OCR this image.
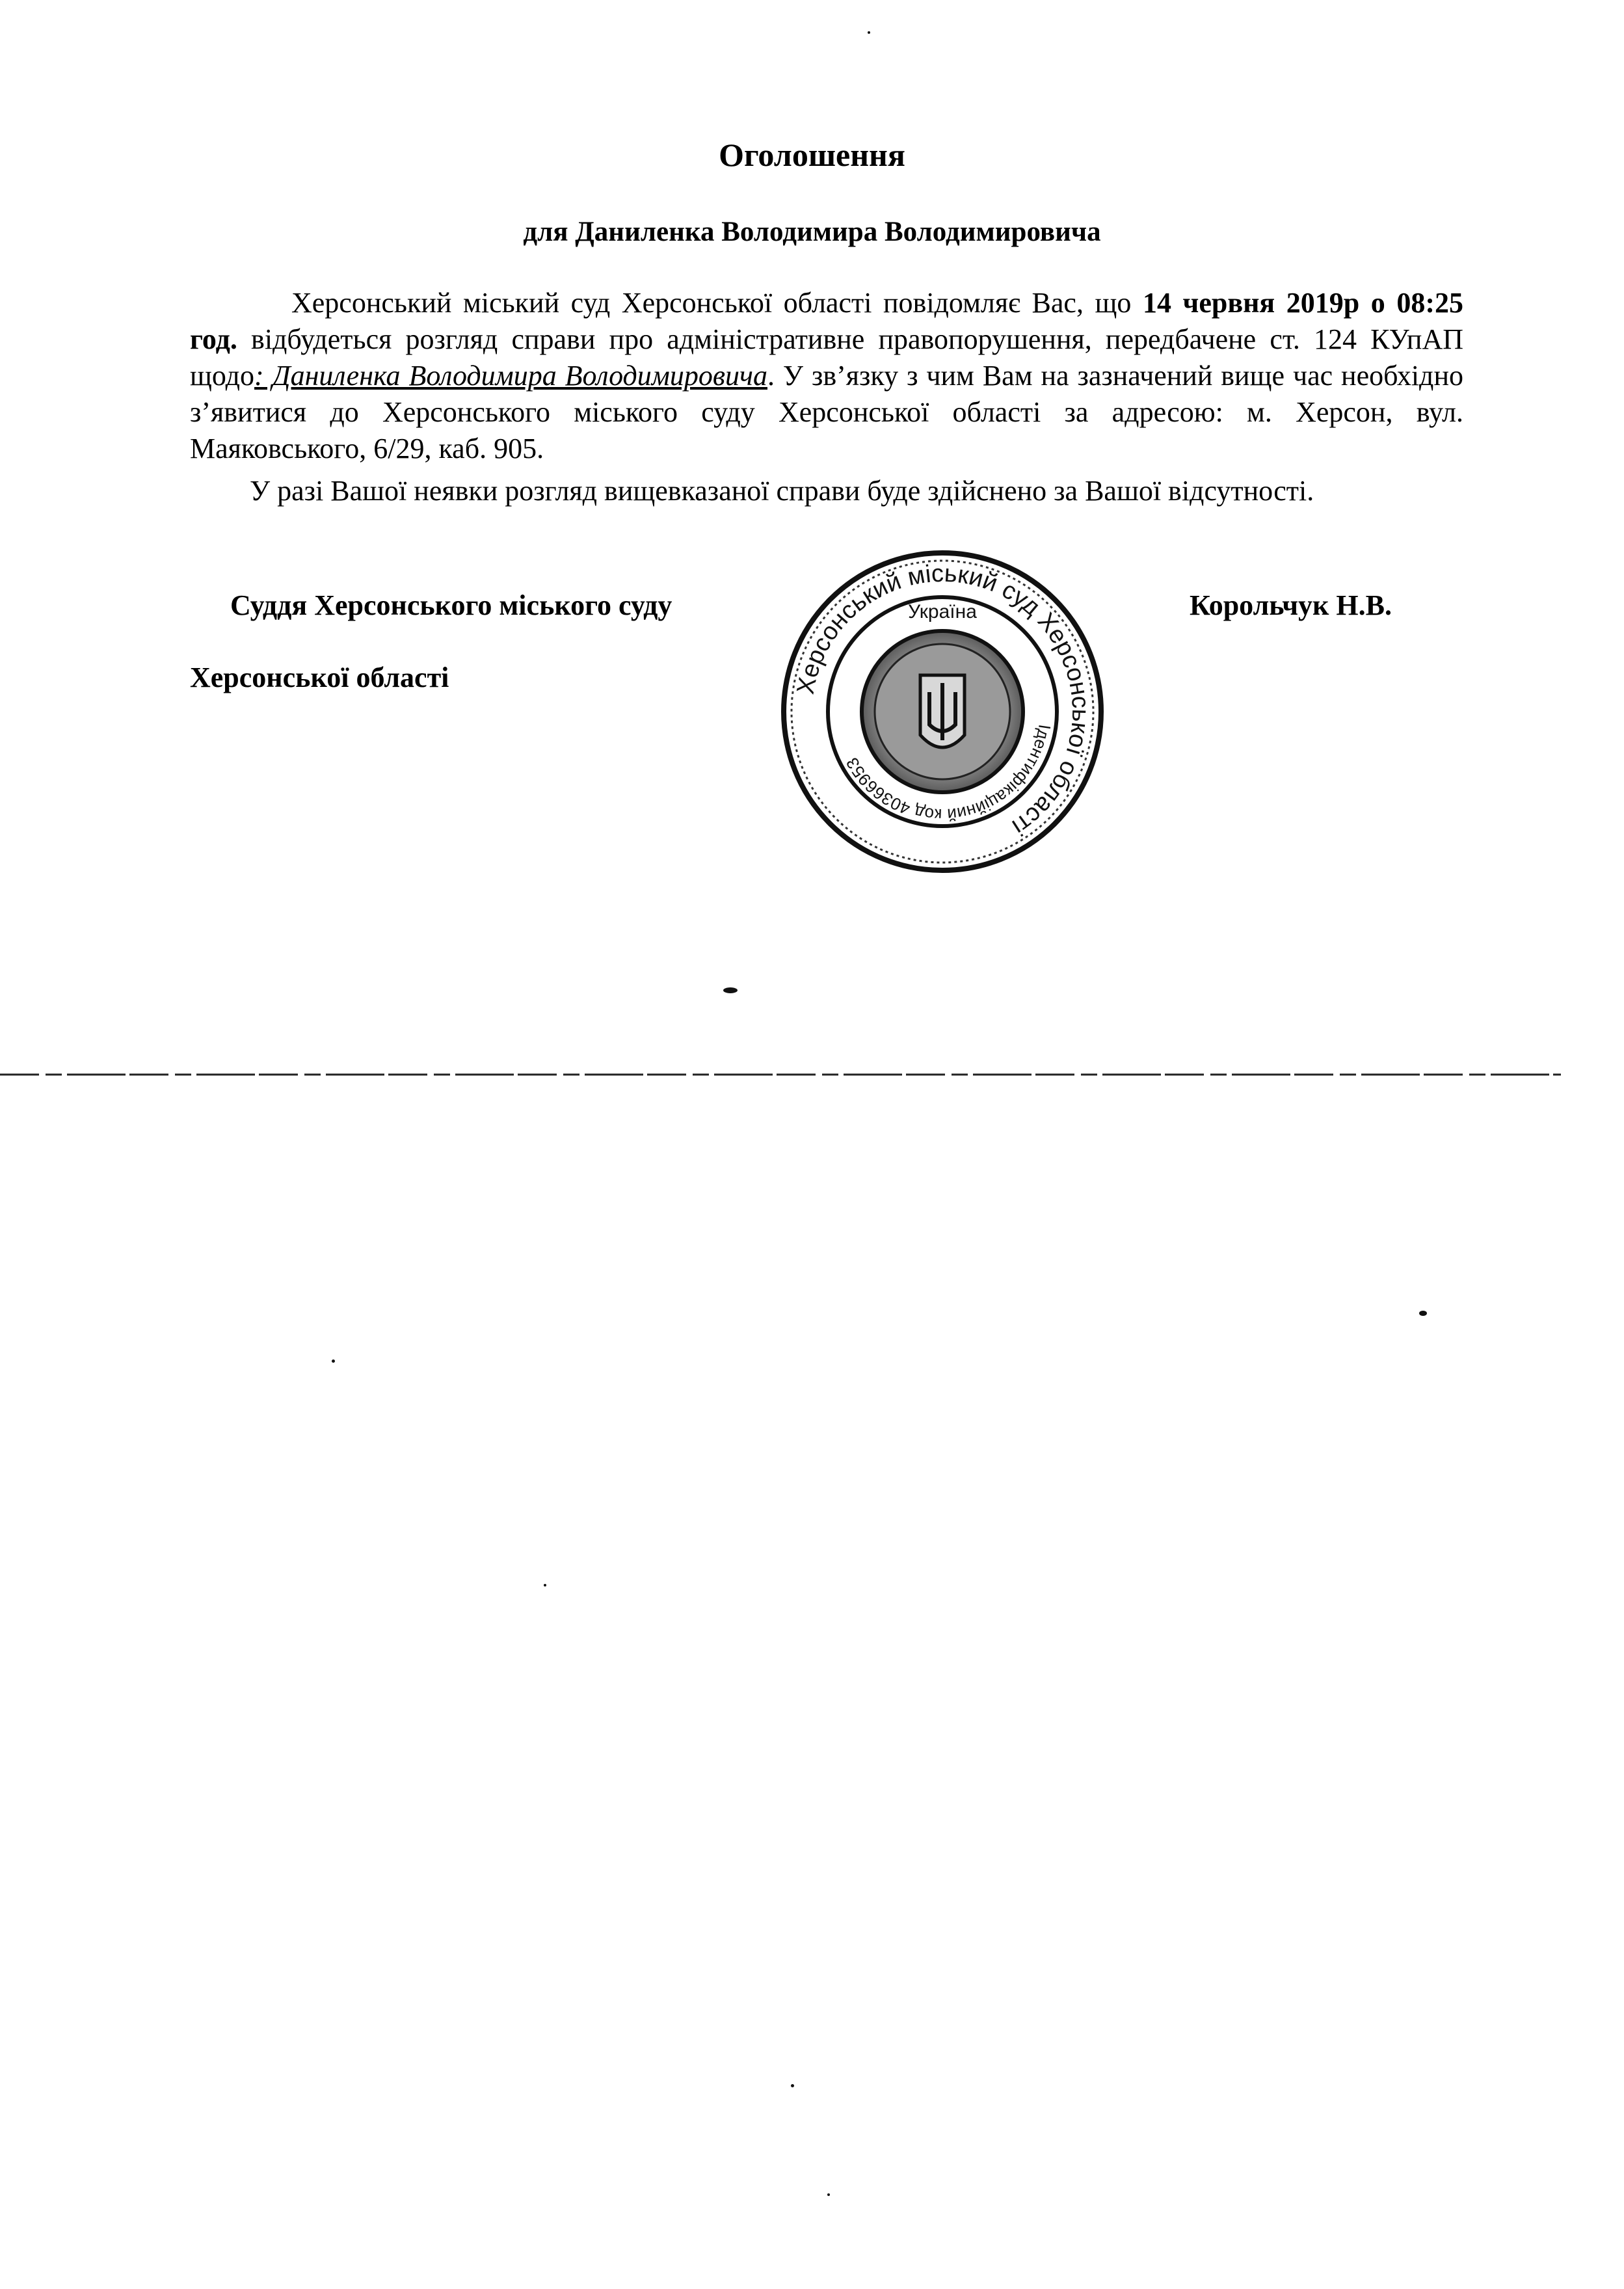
Оголошення
для Даниленка Володимира Володимировича
Херсонський міський суд Херсонської області повідомляє Вас, що 14 червня 2019р о 08:25 год. відбудеться розгляд справи про адміністративне правопорушення, передбачене ст. 124 КУпАП щодо: Даниленка Володимира Володимировича. У зв’язку з чим Вам на зазначений вище час необхідно з’явитися до Херсонського міського суду Херсонської області за адресою: м. Херсон, вул. Маяковського, 6/29, каб. 905.
У разі Вашої неявки розгляд вищевказаної справи буде здійснено за Вашої відсутності.
Суддя Херсонського міського суду
Херсонської області
Корольчук Н.В.
Херсонський міський суд Херсонської області
Ідентифікаційний код 40366953
Україна
